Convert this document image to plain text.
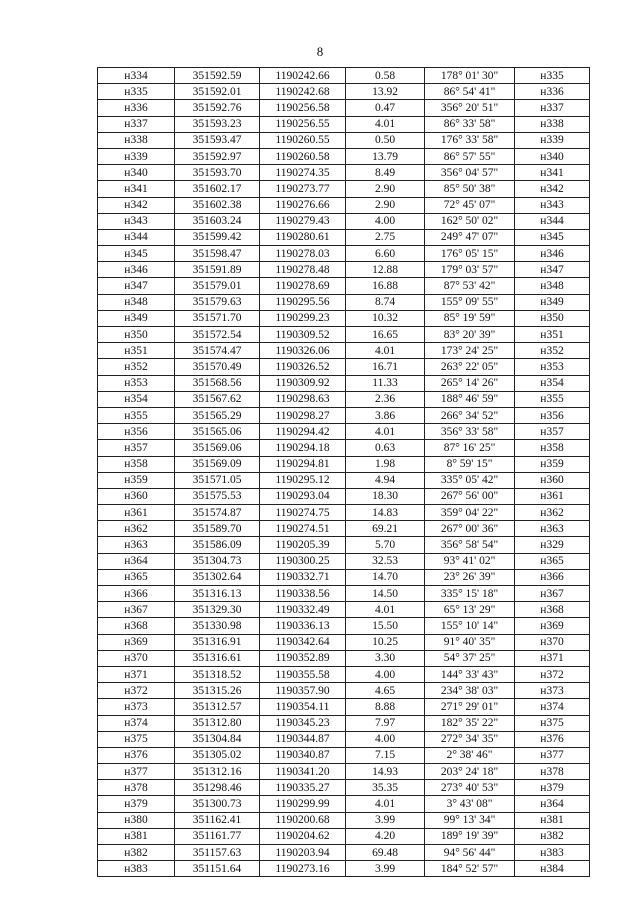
8
н334	351592.59	1190242.66	0.58	178° 01' 30"	н335
н335	351592.01	1190242.68	13.92	86° 54' 41"	н336
н336	351592.76	1190256.58	0.47	356° 20' 51"	н337
н337	351593.23	1190256.55	4.01	86° 33' 58"	н338
н338	351593.47	1190260.55	0.50	176° 33' 58"	н339
н339	351592.97	1190260.58	13.79	86° 57' 55"	н340
н340	351593.70	1190274.35	8.49	356° 04' 57"	н341
н341	351602.17	1190273.77	2.90	85° 50' 38"	н342
н342	351602.38	1190276.66	2.90	72° 45' 07"	н343
н343	351603.24	1190279.43	4.00	162° 50' 02"	н344
н344	351599.42	1190280.61	2.75	249° 47' 07"	н345
н345	351598.47	1190278.03	6.60	176° 05' 15"	н346
н346	351591.89	1190278.48	12.88	179° 03' 57"	н347
н347	351579.01	1190278.69	16.88	87° 53' 42"	н348
н348	351579.63	1190295.56	8.74	155° 09' 55"	н349
н349	351571.70	1190299.23	10.32	85° 19' 59"	н350
н350	351572.54	1190309.52	16.65	83° 20' 39"	н351
н351	351574.47	1190326.06	4.01	173° 24' 25"	н352
н352	351570.49	1190326.52	16.71	263° 22' 05"	н353
н353	351568.56	1190309.92	11.33	265° 14' 26"	н354
н354	351567.62	1190298.63	2.36	188° 46' 59"	н355
н355	351565.29	1190298.27	3.86	266° 34' 52"	н356
н356	351565.06	1190294.42	4.01	356° 33' 58"	н357
н357	351569.06	1190294.18	0.63	87° 16' 25"	н358
н358	351569.09	1190294.81	1.98	8° 59' 15"	н359
н359	351571.05	1190295.12	4.94	335° 05' 42"	н360
н360	351575.53	1190293.04	18.30	267° 56' 00"	н361
н361	351574.87	1190274.75	14.83	359° 04' 22"	н362
н362	351589.70	1190274.51	69.21	267° 00' 36"	н363
н363	351586.09	1190205.39	5.70	356° 58' 54"	н329
н364	351304.73	1190300.25	32.53	93° 41' 02"	н365
н365	351302.64	1190332.71	14.70	23° 26' 39"	н366
н366	351316.13	1190338.56	14.50	335° 15' 18"	н367
н367	351329.30	1190332.49	4.01	65° 13' 29"	н368
н368	351330.98	1190336.13	15.50	155° 10' 14"	н369
н369	351316.91	1190342.64	10.25	91° 40' 35"	н370
н370	351316.61	1190352.89	3.30	54° 37' 25"	н371
н371	351318.52	1190355.58	4.00	144° 33' 43"	н372
н372	351315.26	1190357.90	4.65	234° 38' 03"	н373
н373	351312.57	1190354.11	8.88	271° 29' 01"	н374
н374	351312.80	1190345.23	7.97	182° 35' 22"	н375
н375	351304.84	1190344.87	4.00	272° 34' 35"	н376
н376	351305.02	1190340.87	7.15	2° 38' 46"	н377
н377	351312.16	1190341.20	14.93	203° 24' 18"	н378
н378	351298.46	1190335.27	35.35	273° 40' 53"	н379
н379	351300.73	1190299.99	4.01	3° 43' 08"	н364
н380	351162.41	1190200.68	3.99	99° 13' 34"	н381
н381	351161.77	1190204.62	4.20	189° 19' 39"	н382
н382	351157.63	1190203.94	69.48	94° 56' 44"	н383
н383	351151.64	1190273.16	3.99	184° 52' 57"	н384
